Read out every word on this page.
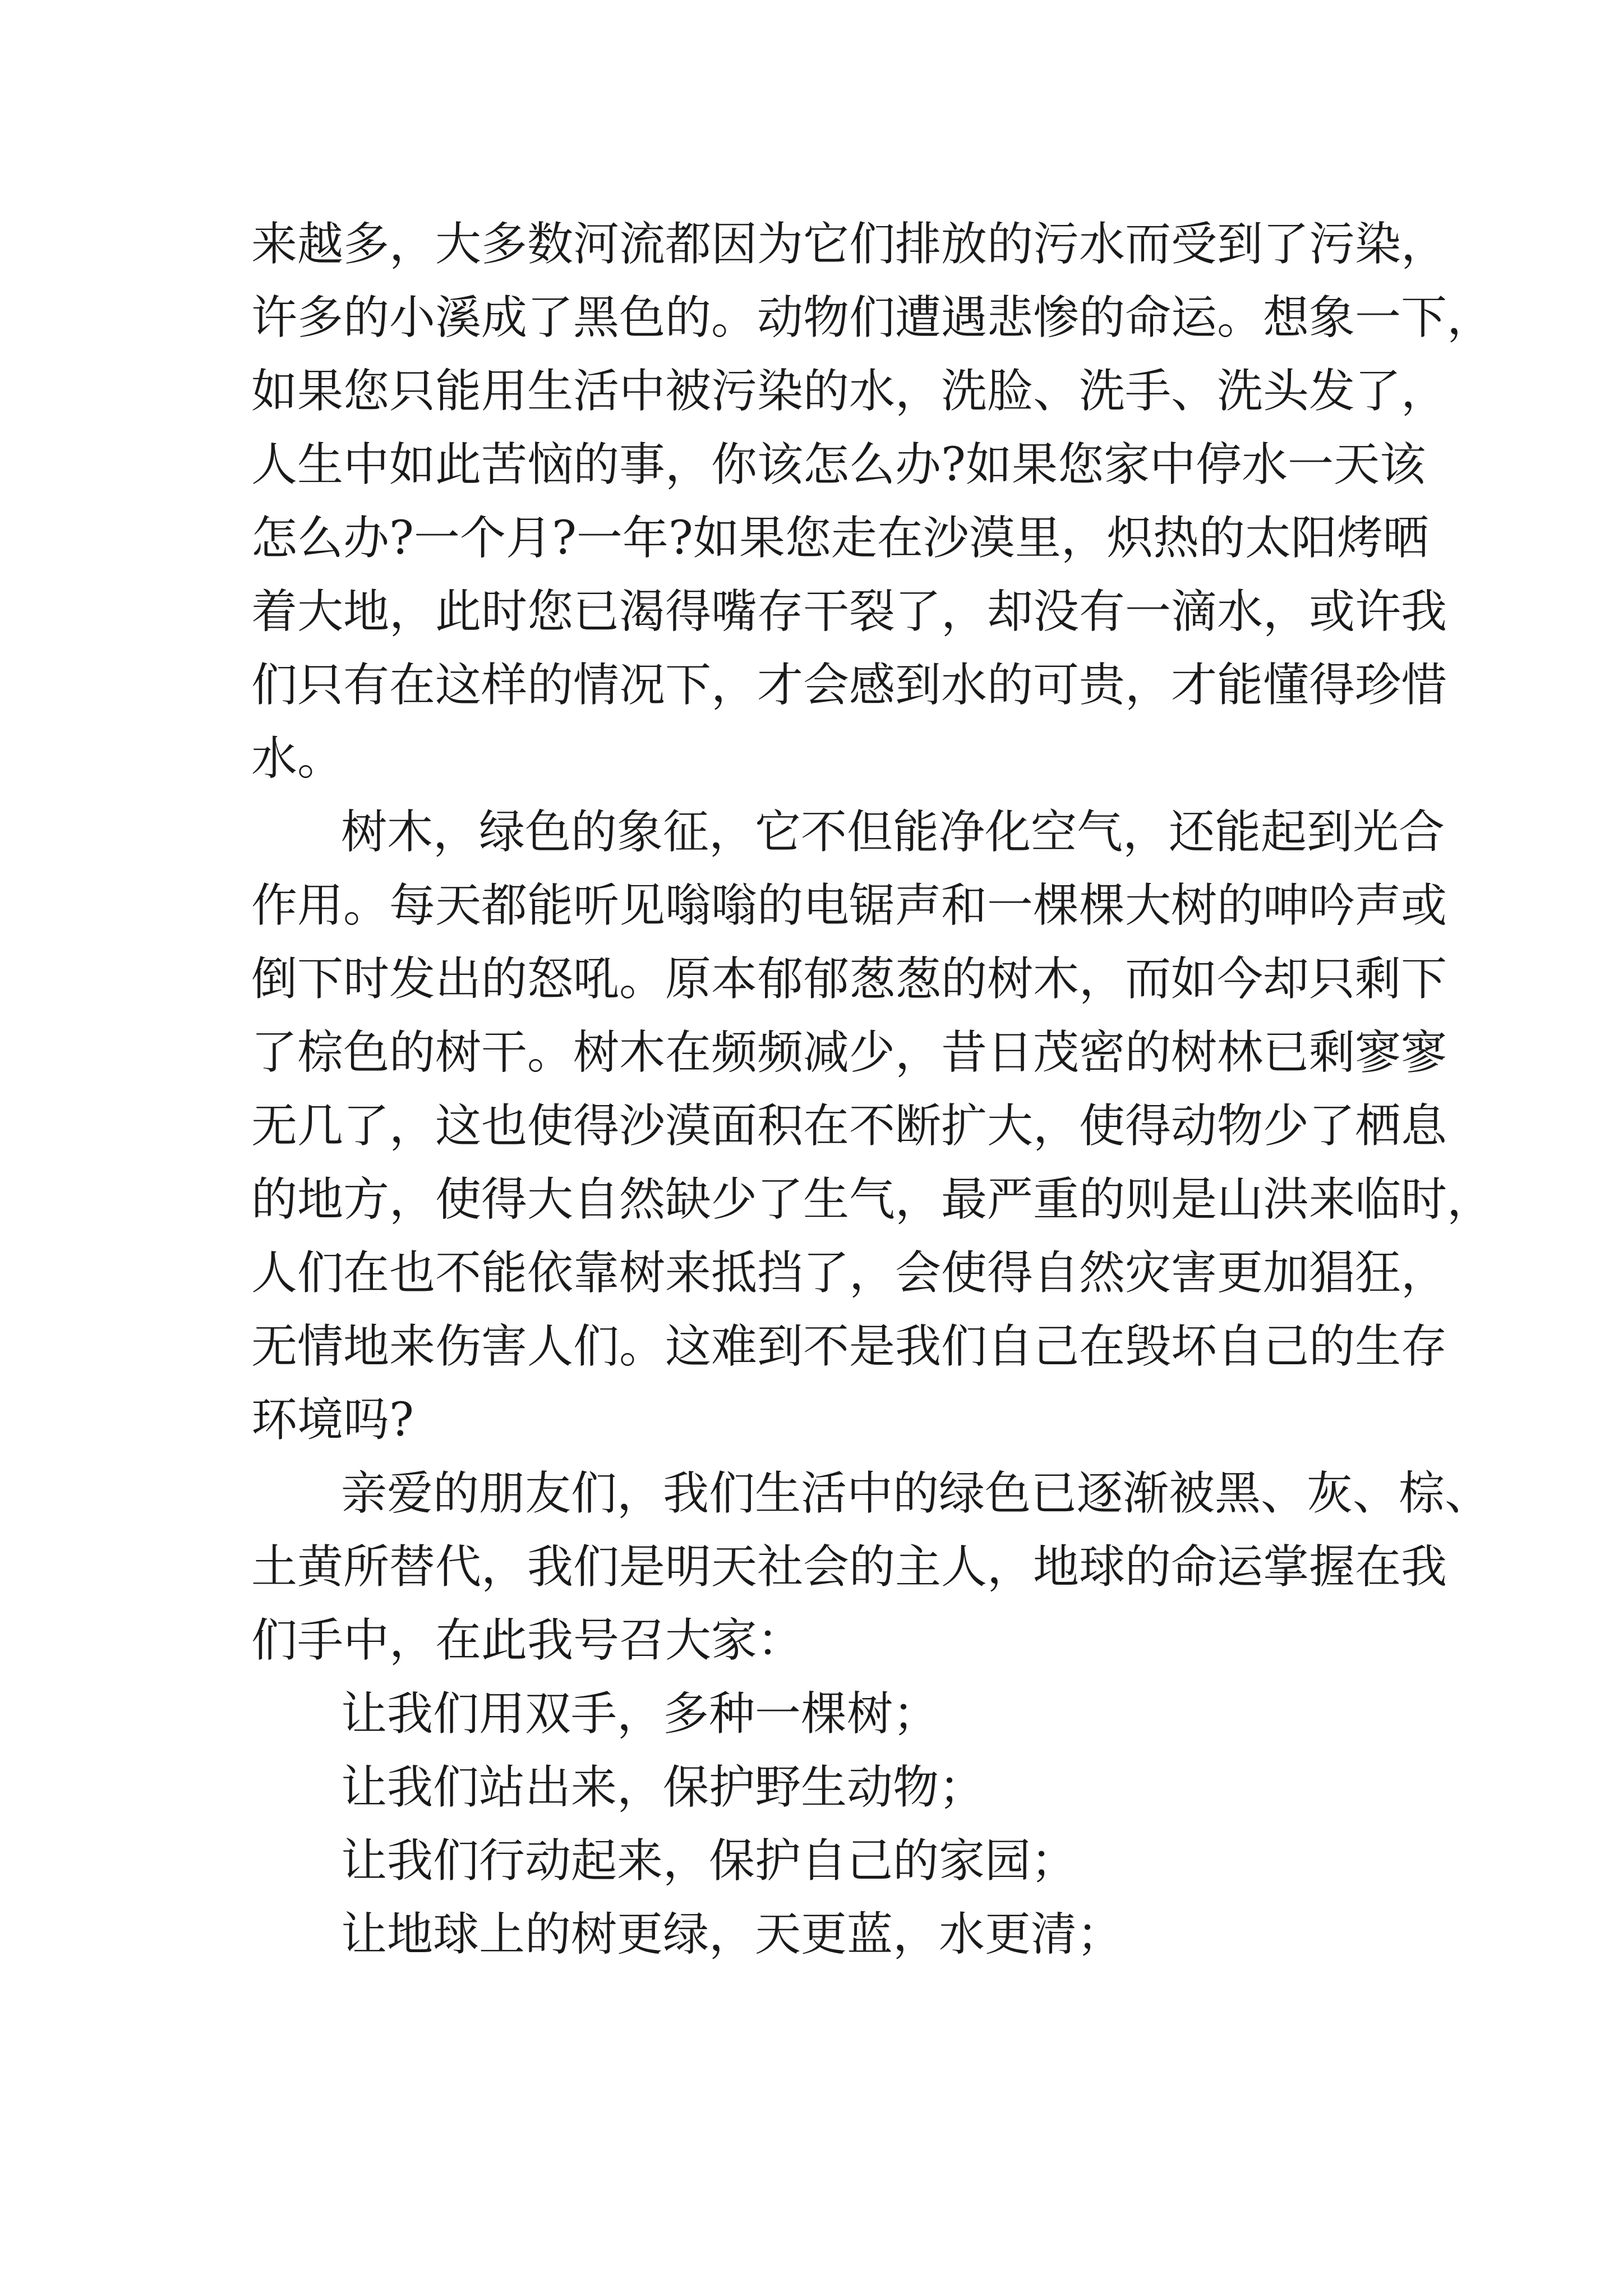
来越多，大多数河流都因为它们排放的污水而受到了污染，
许多的小溪成了黑色的。动物们遭遇悲惨的命运。想象一下，
如果您只能用生活中被污染的水，洗脸、洗手、洗头发了，
人生中如此苦恼的事，你该怎么办?如果您家中停水一天该
怎么办?一个月?一年?如果您走在沙漠里，炽热的太阳烤晒
着大地，此时您已渴得嘴存干裂了，却没有一滴水，或许我
们只有在这样的情况下，才会感到水的可贵，才能懂得珍惜
水。
树木，绿色的象征，它不但能净化空气，还能起到光合
作用。每天都能听见嗡嗡的电锯声和一棵棵大树的呻吟声或
倒下时发出的怒吼。原本郁郁葱葱的树木，而如今却只剩下
了棕色的树干。树木在频频减少，昔日茂密的树林已剩寥寥
无几了，这也使得沙漠面积在不断扩大，使得动物少了栖息
的地方，使得大自然缺少了生气，最严重的则是山洪来临时，
人们在也不能依靠树来抵挡了，会使得自然灾害更加猖狂，
无情地来伤害人们。这难到不是我们自己在毁坏自己的生存
环境吗?
亲爱的朋友们，我们生活中的绿色已逐渐被黑、灰、棕、
土黄所替代，我们是明天社会的主人，地球的命运掌握在我
们手中，在此我号召大家：
让我们用双手，多种一棵树；
让我们站出来，保护野生动物；
让我们行动起来，保护自己的家园；
让地球上的树更绿，天更蓝，水更清；
